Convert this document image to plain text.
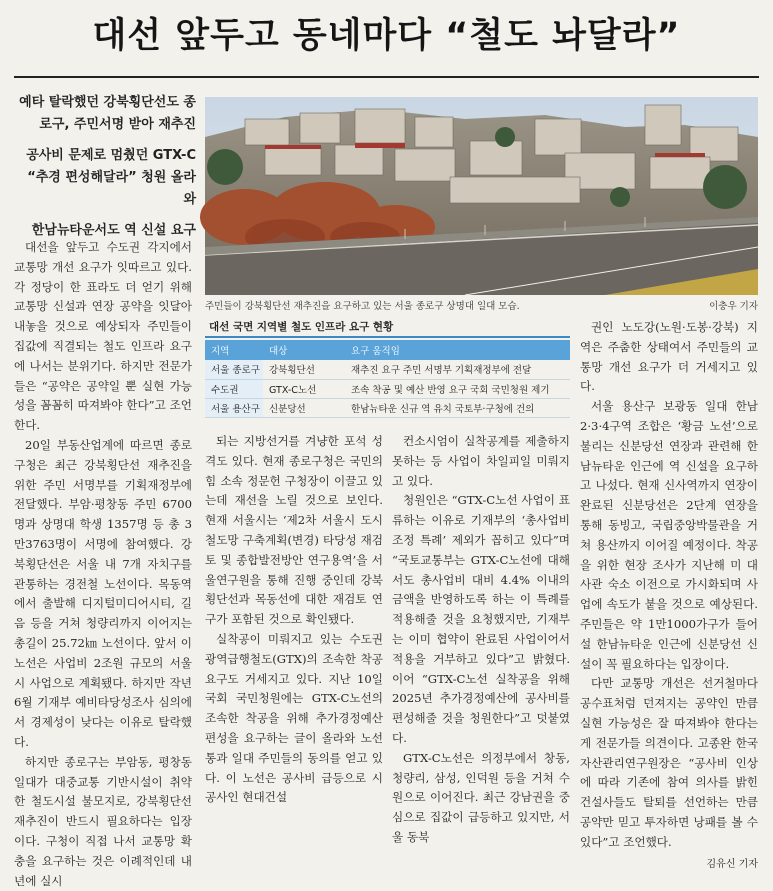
대선 앞두고 동네마다 “철도 놔달라”
예타 탈락했던 강북횡단선도 종로구, 주민서명 받아 재추진
공사비 문제로 멈췄던 GTX-C “추경 편성해달라” 청원 올라와
한남뉴타운서도 역 신설 요구
주민들이 강북횡단선 재추진을 요구하고 있는 서울 종로구 상명대 일대 모습.	이충우 기자
대선 국면 지역별 철도 인프라 요구 현황
지역	대상	요구 움직임
서울 종로구	강북횡단선	재추진 요구 주민 서명부 기획재정부에 전달
수도권	GTX-C노선	조속 착공 및 예산 반영 요구 국회 국민청원 제기
서울 용산구	신분당선	한남뉴타운 신규 역 유치 국토부·구청에 건의

대선을 앞두고 수도권 각지에서 교통망 개선 요구가 잇따르고 있다. 각 정당이 한 표라도 더 얻기 위해 교통망 신설과 연장 공약을 잇달아 내놓을 것으로 예상되자 주민들이 집값에 직결되는 철도 인프라 요구에 나서는 분위기다. 하지만 전문가들은 “공약은 공약일 뿐 실현 가능성을 꼼꼼히 따져봐야 한다”고 조언한다.

20일 부동산업계에 따르면 종로구청은 최근 강북횡단선 재추진을 위한 주민 서명부를 기획재정부에 전달했다. 부암·평창동 주민 6700명과 상명대 학생 1357명 등 총 3만3763명이 서명에 참여했다. 강북횡단선은 서울 내 7개 자치구를 관통하는 경전철 노선이다. 목동역에서 출발해 디지털미디어시티, 길음 등을 거쳐 청량리까지 이어지는 총길이 25.72㎞ 노선이다. 앞서 이 노선은 사업비 2조원 규모의 서울시 사업으로 계획됐다. 하지만 작년 6월 기재부 예비타당성조사 심의에서 경제성이 낮다는 이유로 탈락했다.

하지만 종로구는 부암동, 평창동 일대가 대중교통 기반시설이 취약한 철도시설 불모지로, 강북횡단선 재추진이 반드시 필요하다는 입장이다. 구청이 직접 나서 교통망 확충을 요구하는 것은 이례적인데 내년에 실시

되는 지방선거를 겨냥한 포석 성격도 있다. 현재 종로구청은 국민의힘 소속 정문헌 구청장이 이끌고 있는데 재선을 노릴 것으로 보인다. 현재 서울시는 ‘제2차 서울시 도시철도망 구축계획(변경) 타당성 재검토 및 종합발전방안 연구용역’을 서울연구원을 통해 진행 중인데 강북횡단선과 목동선에 대한 재검토 연구가 포함된 것으로 확인됐다.

실착공이 미뤄지고 있는 수도권광역급행철도(GTX)의 조속한 착공 요구도 거세지고 있다. 지난 10일 국회 국민청원에는 GTX-C노선의 조속한 착공을 위해 추가경정예산 편성을 요구하는 글이 올라와 노선 통과 일대 주민들의 동의를 얻고 있다. 이 노선은 공사비 급등으로 시공사인 현대건설

컨소시엄이 실착공계를 제출하지 못하는 등 사업이 차일피일 미뤄지고 있다.

청원인은 “GTX-C노선 사업이 표류하는 이유로 기재부의 ‘총사업비 조정 특례’ 제외가 꼽히고 있다”며 “국토교통부는 GTX-C노선에 대해서도 총사업비 대비 4.4% 이내의 금액을 반영하도록 하는 이 특례를 적용해줄 것을 요청했지만, 기재부는 이미 협약이 완료된 사업이어서 적용을 거부하고 있다”고 밝혔다. 이어 “GTX-C노선 실착공을 위해 2025년 추가경정예산에 공사비를 편성해줄 것을 청원한다”고 덧붙였다.

GTX-C노선은 의정부에서 창동, 청량리, 삼성, 인덕원 등을 거쳐 수원으로 이어진다. 최근 강남권을 중심으로 집값이 급등하고 있지만, 서울 동북

권인 노도강(노원·도봉·강북) 지역은 주춤한 상태여서 주민들의 교통망 개선 요구가 더 거세지고 있다.

서울 용산구 보광동 일대 한남 2·3·4구역 조합은 ‘황금 노선’으로 불리는 신분당선 연장과 관련해 한남뉴타운 인근에 역 신설을 요구하고 나섰다. 현재 신사역까지 연장이 완료된 신분당선은 2단계 연장을 통해 동빙고, 국립중앙박물관을 거쳐 용산까지 이어질 예정이다. 착공을 위한 현장 조사가 지난해 미 대사관 숙소 이전으로 가시화되며 사업에 속도가 붙을 것으로 예상된다. 주민들은 약 1만1000가구가 들어설 한남뉴타운 인근에 신분당선 신설이 꼭 필요하다는 입장이다.

다만 교통망 개선은 선거철마다 공수표처럼 던져지는 공약인 만큼 실현 가능성은 잘 따져봐야 한다는 게 전문가들 의견이다. 고종완 한국자산관리연구원장은 “공사비 인상에 따라 기존에 참여 의사를 밝힌 건설사들도 탈퇴를 선언하는 만큼 공약만 믿고 투자하면 낭패를 볼 수 있다”고 조언했다.

김유신 기자
